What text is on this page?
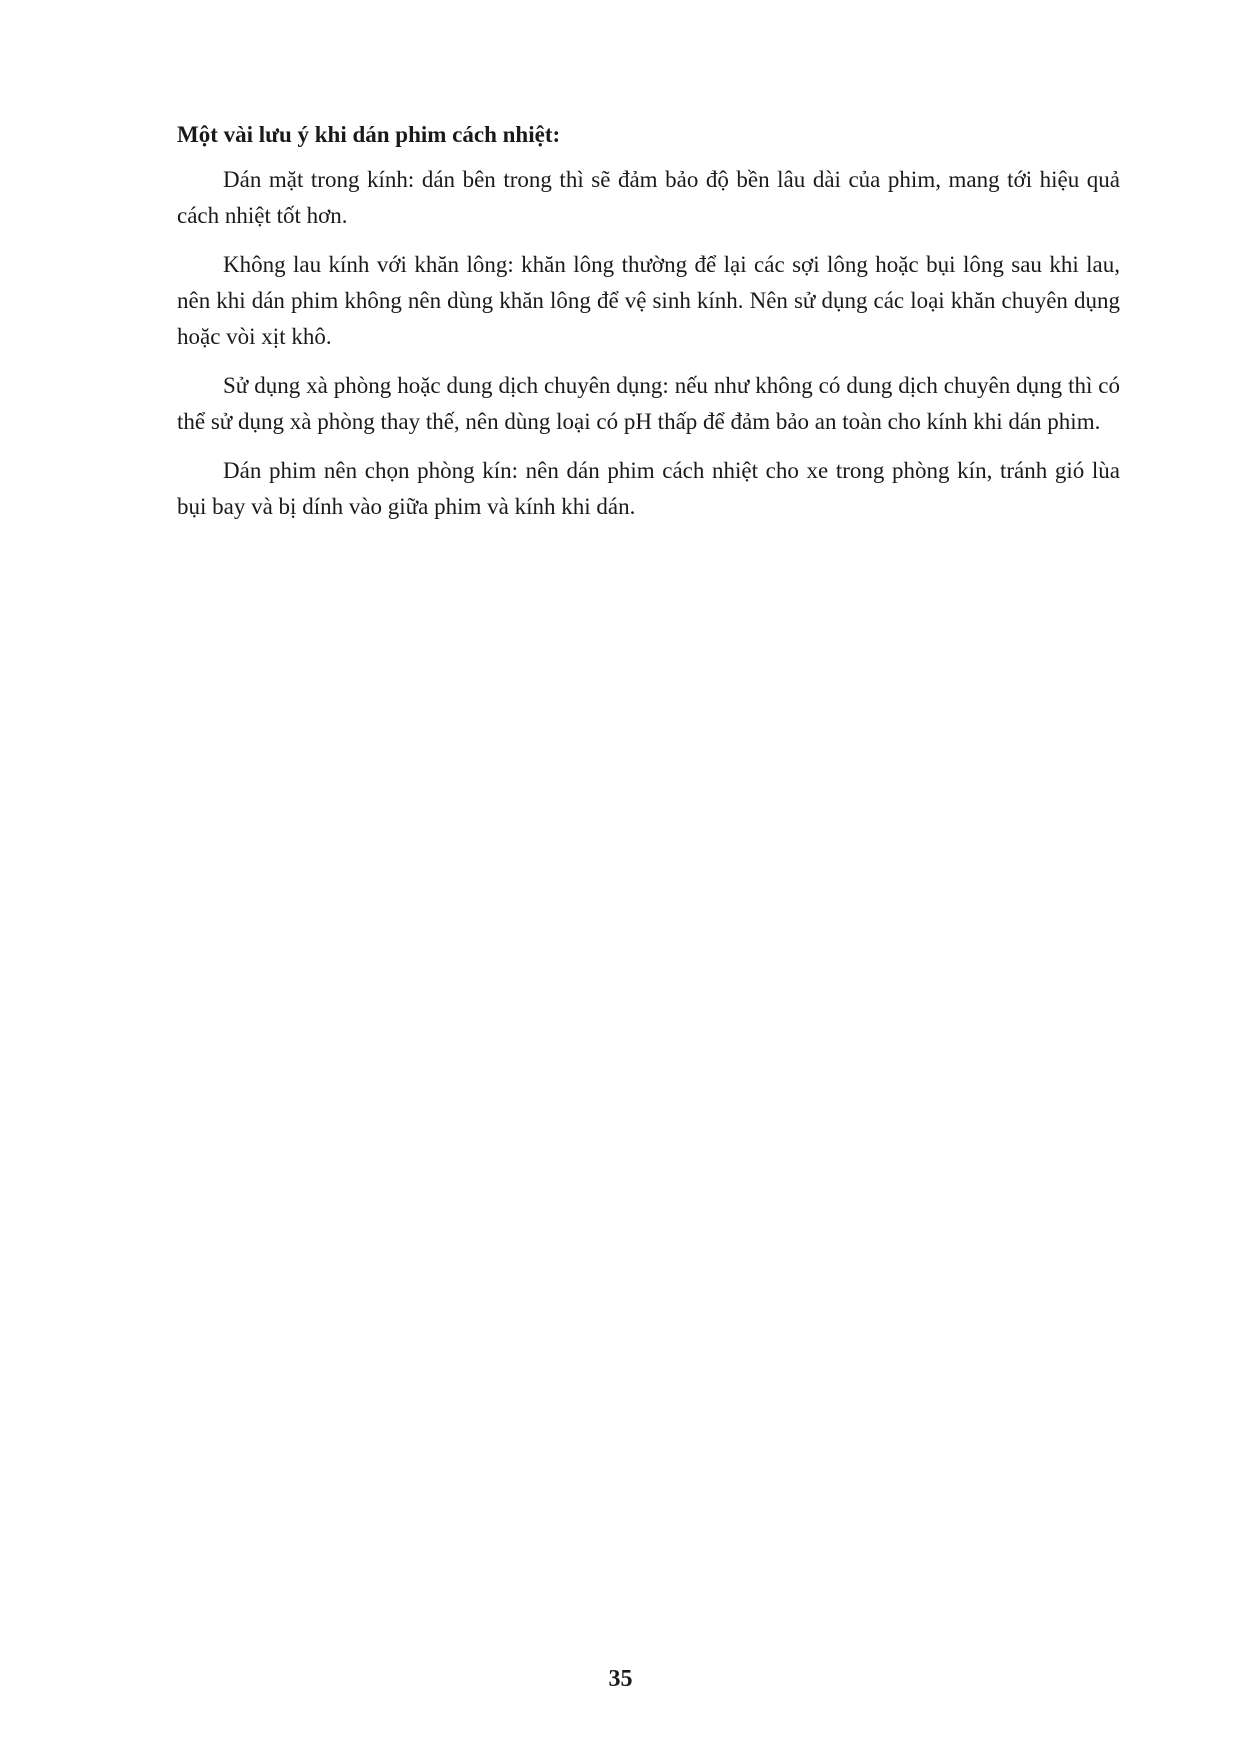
Một vài lưu ý khi dán phim cách nhiệt:

Dán mặt trong kính: dán bên trong thì sẽ đảm bảo độ bền lâu dài của phim, mang tới hiệu quả cách nhiệt tốt hơn.

Không lau kính với khăn lông: khăn lông thường để lại các sợi lông hoặc bụi lông sau khi lau, nên khi dán phim không nên dùng khăn lông để vệ sinh kính. Nên sử dụng các loại khăn chuyên dụng hoặc vòi xịt khô.

Sử dụng xà phòng hoặc dung dịch chuyên dụng: nếu như không có dung dịch chuyên dụng thì có thể sử dụng xà phòng thay thế, nên dùng loại có pH thấp để đảm bảo an toàn cho kính khi dán phim.

Dán phim nên chọn phòng kín: nên dán phim cách nhiệt cho xe trong phòng kín, tránh gió lùa bụi bay và bị dính vào giữa phim và kính khi dán.

35
